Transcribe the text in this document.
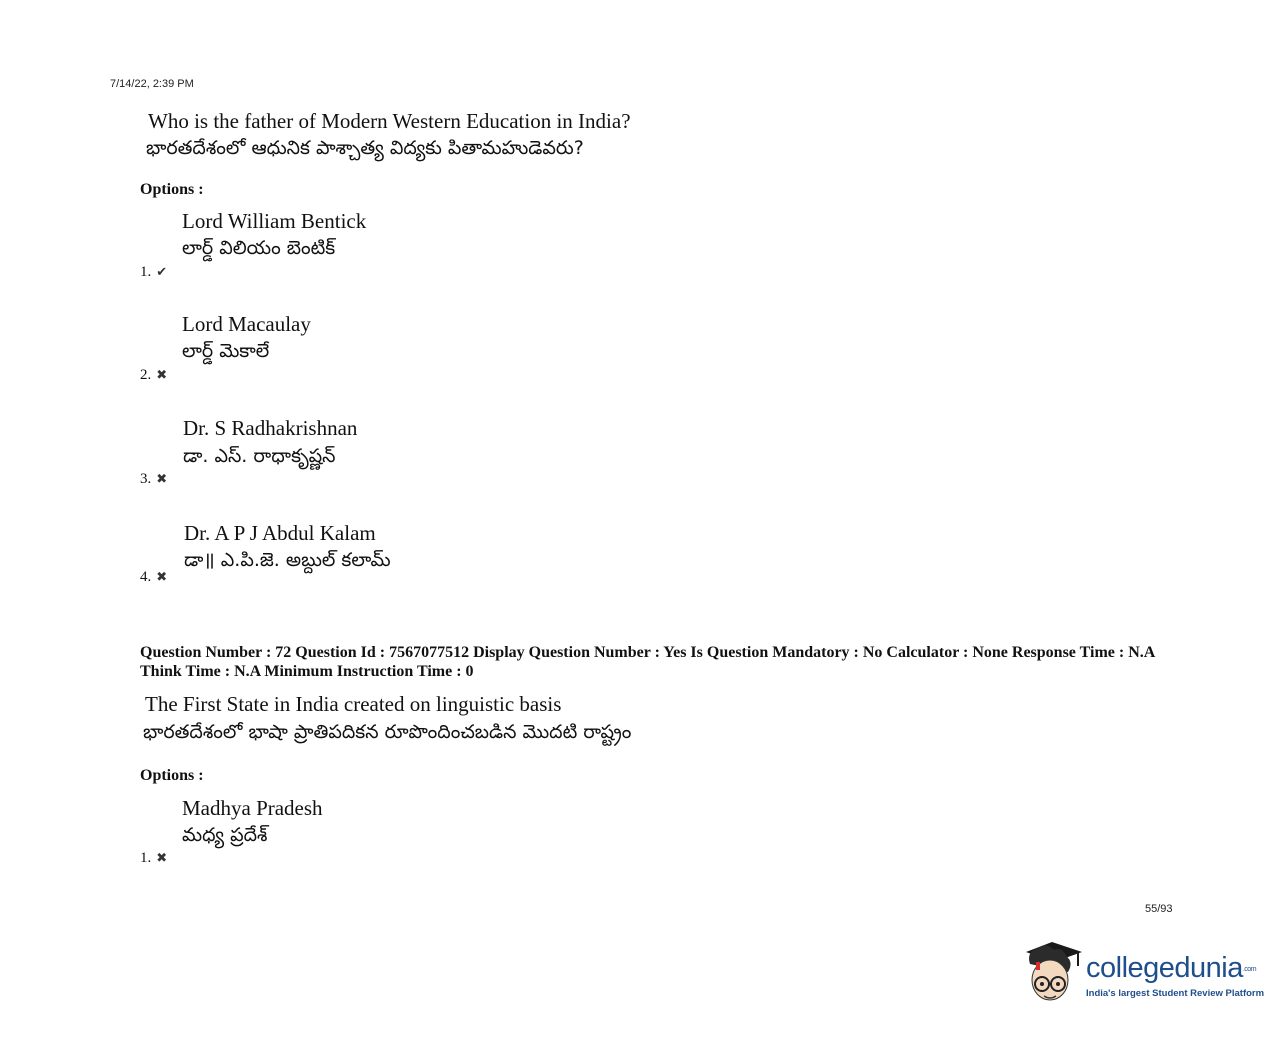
7/14/22, 2:39 PM
Who is the father of Modern Western Education in India?
భారతదేశంలో ఆధునిక పాశ్చాత్య విద్యకు పితామహుడెవరు?
Options :
Lord William Bentick
లార్డ్ విలియం బెంటిక్
1. ✔
Lord Macaulay
లార్డ్ మెకాలే
2. ✖
Dr. S Radhakrishnan
డా. ఎస్. రాధాకృష్ణన్
3. ✖
Dr. A P J Abdul Kalam
డా॥ ఎ.పి.జె. అబ్దుల్ కలామ్
4. ✖
Question Number : 72 Question Id : 7567077512 Display Question Number : Yes Is Question Mandatory : No Calculator : None Response Time : N.A Think Time : N.A Minimum Instruction Time : 0
The First State in India created on linguistic basis
భారతదేశంలో భాషా ప్రాతిపదికన రూపొందించబడిన మొదటి రాష్ట్రం
Options :
Madhya Pradesh
మధ్య ప్రదేశ్
1. ✖
55/93
collegedunia.com
India's largest Student Review Platform
